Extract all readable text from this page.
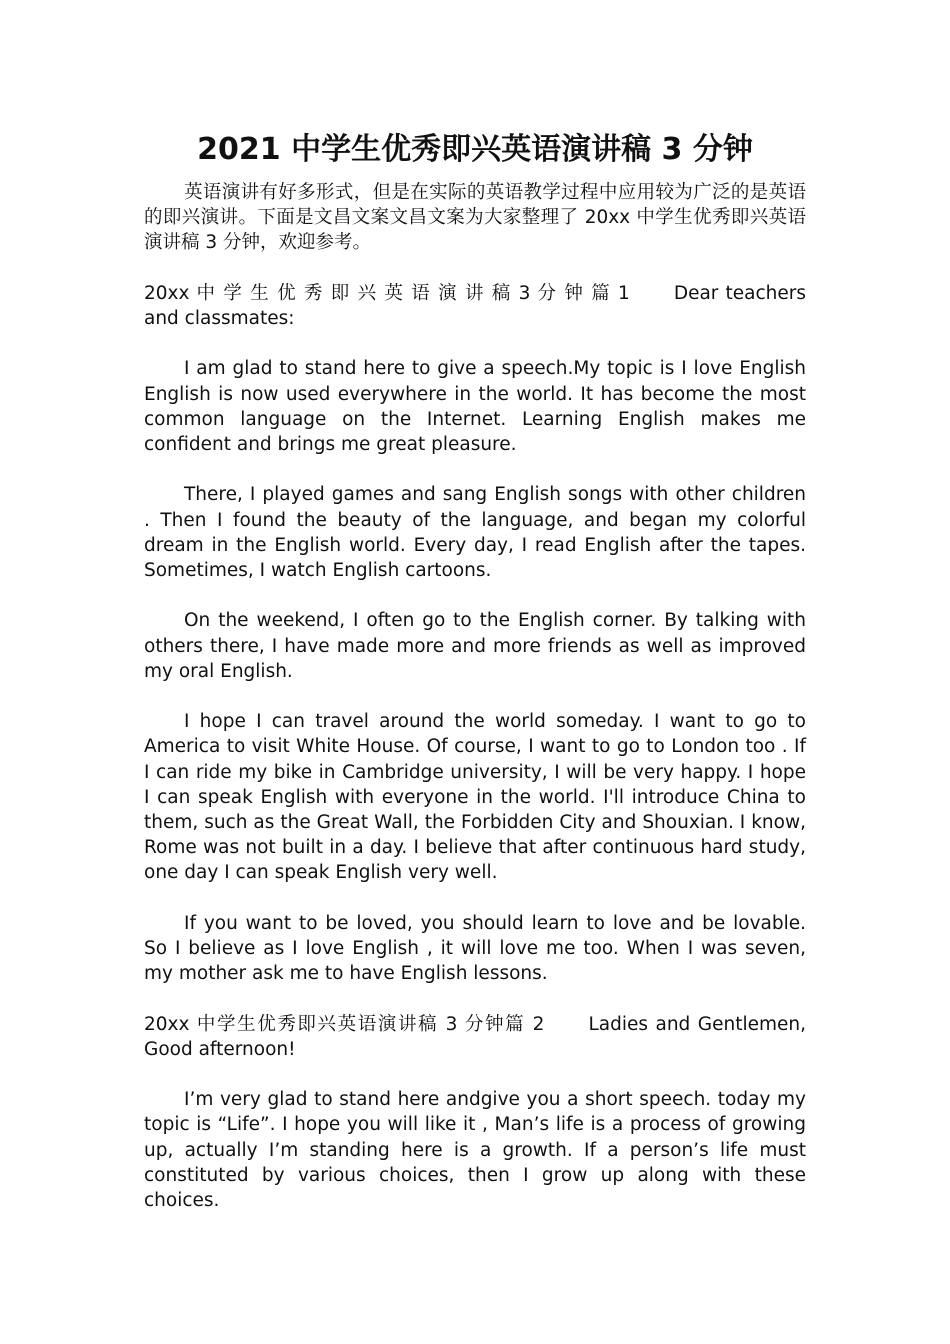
2021 中学生优秀即兴英语演讲稿 3 分钟

英语演讲有好多形式，但是在实际的英语教学过程中应用较为广泛的是英语的即兴演讲。下面是文昌文案文昌文案为大家整理了 20xx 中学生优秀即兴英语演讲稿 3 分钟，欢迎参考。

20xx 中 学 生 优 秀 即 兴 英 语 演 讲 稿 3 分 钟 篇 1 Dear teachers and classmates:

I am glad to stand here to give a speech.My topic is I love English English is now used everywhere in the world. It has become the most common language on the Internet. Learning English makes me confident and brings me great pleasure.

There, I played games and sang English songs with other children . Then I found the beauty of the language, and began my colorful dream in the English world. Every day, I read English after the tapes. Sometimes, I watch English cartoons.

On the weekend, I often go to the English corner. By talking with others there, I have made more and more friends as well as improved my oral English.

I hope I can travel around the world someday. I want to go to America to visit White House. Of course, I want to go to London too . If I can ride my bike in Cambridge university, I will be very happy. I hope I can speak English with everyone in the world. I'll introduce China to them, such as the Great Wall, the Forbidden City and Shouxian. I know, Rome was not built in a day. I believe that after continuous hard study, one day I can speak English very well.

If you want to be loved, you should learn to love and be lovable. So I believe as I love English , it will love me too. When I was seven, my mother ask me to have English lessons.

20xx 中学生优秀即兴英语演讲稿 3 分钟篇 2 Ladies and Gentlemen, Good afternoon!

I’m very glad to stand here andgive you a short speech. today my topic is “Life”. I hope you will like it , Man’s life is a process of growing up, actually I’m standing here is a growth. If a person’s life must constituted by various choices, then I grow up along with these choices.
